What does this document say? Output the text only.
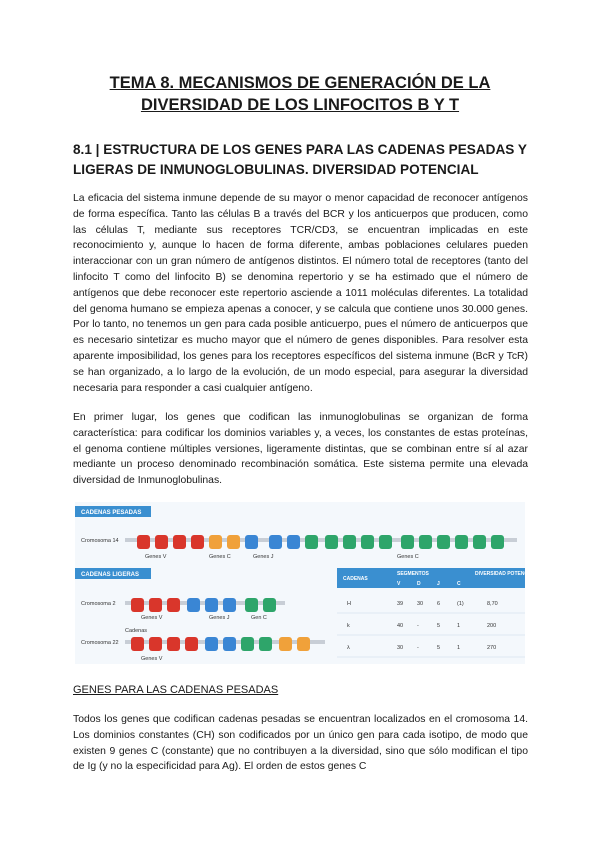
TEMA 8. MECANISMOS DE GENERACIÓN DE LA
DIVERSIDAD DE LOS LINFOCITOS B Y T
8.1 | ESTRUCTURA DE LOS GENES PARA LAS CADENAS PESADAS Y
LIGERAS DE INMUNOGLOBULINAS. DIVERSIDAD POTENCIAL

La eficacia del sistema inmune depende de su mayor o menor capacidad de reconocer antígenos de forma específica. Tanto las células B a través del BCR y los anticuerpos que producen, como las células T, mediante sus receptores TCR/CD3, se encuentran implicadas en este reconocimiento y, aunque lo hacen de forma diferente, ambas poblaciones celulares pueden interaccionar con un gran número de antígenos distintos. El número total de receptores (tanto del linfocito T como del linfocito B) se denomina repertorio y se ha estimado que el número de antígenos que debe reconocer este repertorio asciende a 1011 moléculas diferentes. La totalidad del genoma humano se empieza apenas a conocer, y se calcula que contiene unos 30.000 genes. Por lo tanto, no tenemos un gen para cada posible anticuerpo, pues el número de anticuerpos que es necesario sintetizar es mucho mayor que el número de genes disponibles. Para resolver esta aparente imposibilidad, los genes para los receptores específicos del sistema inmune (BcR y TcR) se han organizado, a lo largo de la evolución, de un modo especial, para asegurar la diversidad necesaria para responder a casi cualquier antígeno.

En primer lugar, los genes que codifican las inmunoglobulinas se organizan de forma característica: para codificar los dominios variables y, a veces, los constantes de estas proteínas, el genoma contiene múltiples versiones, ligeramente distintas, que se combinan entre sí al azar mediante un proceso denominado recombinación somática. Este sistema permite una elevada diversidad de Inmunoglobulinas.

CADENAS PESADAS
Cromosoma 14
Genes V	Genes C	Genes J	Genes C
CADENAS LIGERAS
Cromosoma 2
Genes V	Genes J	Gen C
Cadenas
Cromosoma 22
Genes V
CADENAS
SEGMENTOS	DIVERSIDAD POTENCIAL
V	D	J	C
H	39	30	6	(1)	8,70
k	40	-	5	1	200
λ	30	-	5	1	270
GENES PARA LAS CADENAS PESADAS

Todos los genes que codifican cadenas pesadas se encuentran localizados en el cromosoma 14. Los dominios constantes (CH) son codificados por un único gen para cada isotipo, de modo que existen 9 genes C (constante) que no contribuyen a la diversidad, sino que sólo modifican el tipo de Ig (y no la especificidad para Ag). El orden de estos genes C
